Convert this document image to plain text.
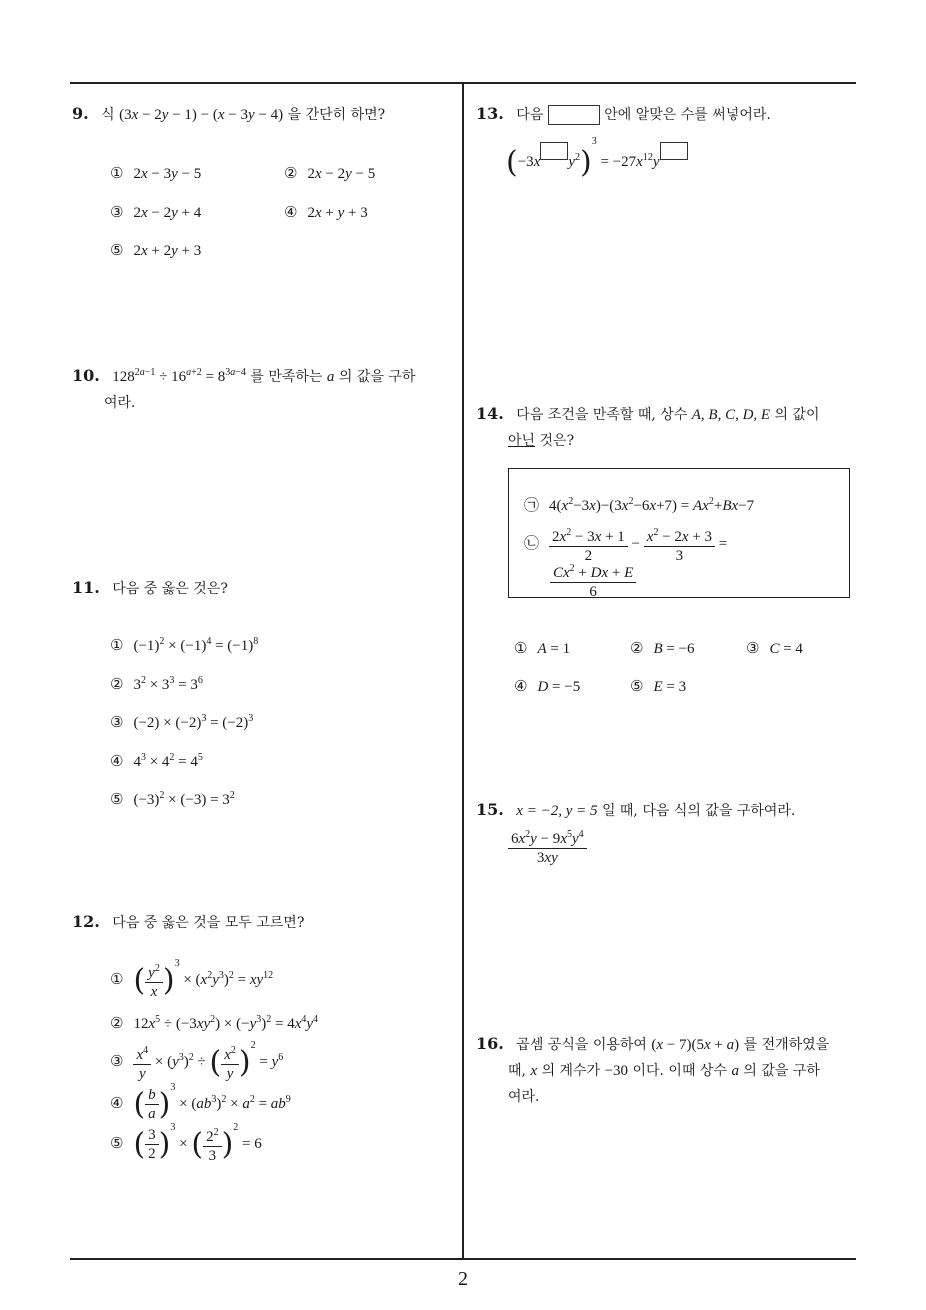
9. 식 (3x − 2y − 1) − (x − 3y − 4) 을 간단히 하면?
① 2x − 3y − 5	② 2x − 2y − 5
③ 2x − 2y + 4	④ 2x + y + 3
⑤ 2x + 2y + 3
10. $128^{2a-1} \div 16^{a+2} = 8^{3a-4}$ 를 만족하는 a 의 값을 구하
여라.
11. 다음 중 옳은 것은?
① $(-1)^2 \times (-1)^4 = (-1)^8$
② $3^2 \times 3^3 = 3^6$
③ $(-2) \times (-2)^3 = (-2)^3$
④ $4^3 \times 4^2 = 4^5$
⑤ $(-3)^2 \times (-3) = 3^2$
12. 다음 중 옳은 것을 모두 고르면?
① ( $\frac{y^2}{x} )^3 \times (x^2y^3)^2 = xy^{12}$
② $12x^5 \div (-3xy^2) \times (-y^3)^2 = 4x^4y^4$
③ $\frac{x^4}{y} \times (y^3)^2$ ÷ ( $\frac{x^2}{y} )^2 = y^6$
④ ( $\frac{b}{a} )^3 \times (ab^3)^2 \times a^2 = ab^9$
⑤ ( $\frac{3}{2} )^3$ × ( $\frac{2^2}{3} )^2 = 6$
13. 다음	안에 알맞은 수를 써넣어라.
(−3x $y^2)^3 = -27x^{12}y$
14. 다음 조건을 만족할 때, 상수 A, B, C, D, E 의 값이
아닌 것은?
㉠ $4(x^2-3x)-(3x^2-6x+7) = Ax^2+Bx-7$
㉡ $\frac{2x^2 - 3x + 1}{2} - \frac{x^2 - 2x + 3}{3}$ =
$\frac{Cx^2 + Dx + E}{6}$
① A = 1	② B = −6	③ C = 4
④ D = −5	⑤ E = 3
15. x = −2, y = 5 일 때, 다음 식의 값을 구하여라.
$\frac{6x^2y - 9x^5y^4}{3xy}$
16. 곱셈 공식을 이용하여 (x − 7)(5x + a) 를 전개하였을
때, x 의 계수가 −30 이다. 이때 상수 a 의 값을 구하
여라.
2
